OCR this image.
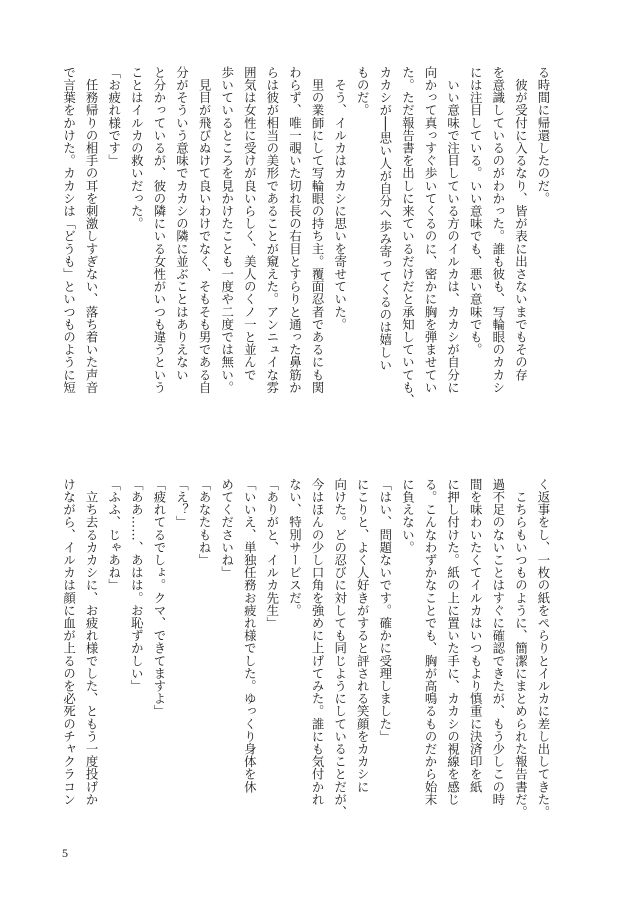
る時間に帰還したのだ。

　彼が受付に入るなり、皆が表に出さないまでもその存

を意識しているのがわかった。誰も彼も、写輪眼のカカシ

には注目している。いい意味でも、悪い意味でも。

　いい意味で注目している方のイルカは、カカシが自分に

向かって真っすぐ歩いてくるのに、密かに胸を弾ませてい

た。ただ報告書を出しに来ているだけだと承知していても、

カカシが──思い人が自分へ歩み寄ってくるのは嬉しい

ものだ。

　そう、イルカはカカシに思いを寄せていた。

　里の業師にして写輪眼の持ち主。覆面忍者であるにも関

わらず、唯一覗いた切れ長の右目とすらりと通った鼻筋か

らは彼が相当の美形であることが窺えた。アンニュイな雰

囲気は女性に受けが良いらしく、美人のくノ一と並んで

歩いているところを見かけたことも一度や二度では無い。

　見目が飛びぬけて良いわけでなく、そもそも男である自

分がそういう意味でカカシの隣に並ぶことはありえない

と分かっているが、彼の隣にいる女性がいつも違うという

ことはイルカの救いだった。

「お疲れ様です」

　任務帰りの相手の耳を刺激しすぎない、落ち着いた声音

で言葉をかけた。カカシは「どうも」といつものように短

く返事をし、一枚の紙をぺらりとイルカに差し出してきた。

　こちらもいつものように、簡潔にまとめられた報告書だ。

過不足のないことはすぐに確認できたが、もう少しこの時

間を味わいたくてイルカはいつもより慎重に決済印を紙

に押し付けた。紙の上に置いた手に、カカシの視線を感じ

る。こんなわずかなことでも、胸が高鳴るものだから始末

に負えない。

「はい、問題ないです。確かに受理しました」

にこりと、よく人好きがすると評される笑顔をカカシに

向けた。どの忍びに対しても同じようにしていることだが、

今はほんの少し口角を強めに上げてみた。誰にも気付かれ

ない、特別サービスだ。

「ありがと、イルカ先生」

「いいえ、単独任務お疲れ様でした。ゆっくり身体を休

めてくださいね」

「あなたもね」

「え？」

「疲れてるでしょ。クマ、できてますよ」

「ああ……、あはは。お恥ずかしい」

「ふふ、じゃあね」

　立ち去るカカシに、お疲れ様でした、ともう一度投げか

けながら、イルカは顔に血が上るのを必死のチャクラコン

5
